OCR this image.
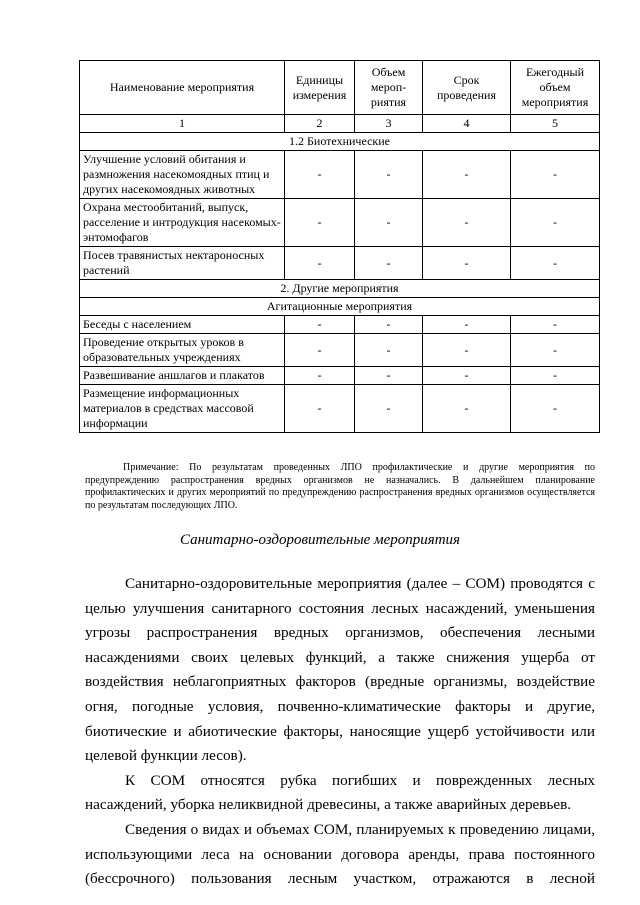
Наименование мероприятия	Единицы измерения	Объем мероп-риятия	Срок проведения	Ежегодный объем мероприятия
1	2	3	4	5
1.2 Биотехнические				
Улучшение условий обитания и размножения насекомоядных птиц и других насекомоядных животных	-	-	-	-
Охрана местообитаний, выпуск, расселение и интродукция насекомых-энтомофагов	-	-	-	-
Посев травянистых нектароносных растений	-	-	-	-
2. Другие мероприятия				
Агитационные мероприятия				
Беседы с населением	-	-	-	-
Проведение открытых уроков в образовательных учреждениях	-	-	-	-
Развешивание аншлагов и плакатов	-	-	-	-
Размещение информационных материалов в средствах массовой информации	-	-	-	-
Примечание: По результатам проведенных ЛПО профилактические и другие мероприятия по предупреждению распространения вредных организмов не назначались. В дальнейшем планирование профилактических и других мероприятий по предупреждению распространения вредных организмов осуществляется по результатам последующих ЛПО.
Санитарно-оздоровительные мероприятия

Санитарно-оздоровительные мероприятия (далее – СОМ) проводятся с целью улучшения санитарного состояния лесных насаждений, уменьшения угрозы распространения вредных организмов, обеспечения лесными насаждениями своих целевых функций, а также снижения ущерба от воздействия неблагоприятных факторов (вредные организмы, воздействие огня, погодные условия, почвенно-климатические факторы и другие, биотические и абиотические факторы, наносящие ущерб устойчивости или целевой функции лесов).

К СОМ относятся рубка погибших и поврежденных лесных насаждений, уборка неликвидной древесины, а также аварийных деревьев.

Сведения о видах и объемах СОМ, планируемых к проведению лицами, использующими леса на основании договора аренды, права постоянного (бессрочного) пользования лесным участком, отражаются в лесной
